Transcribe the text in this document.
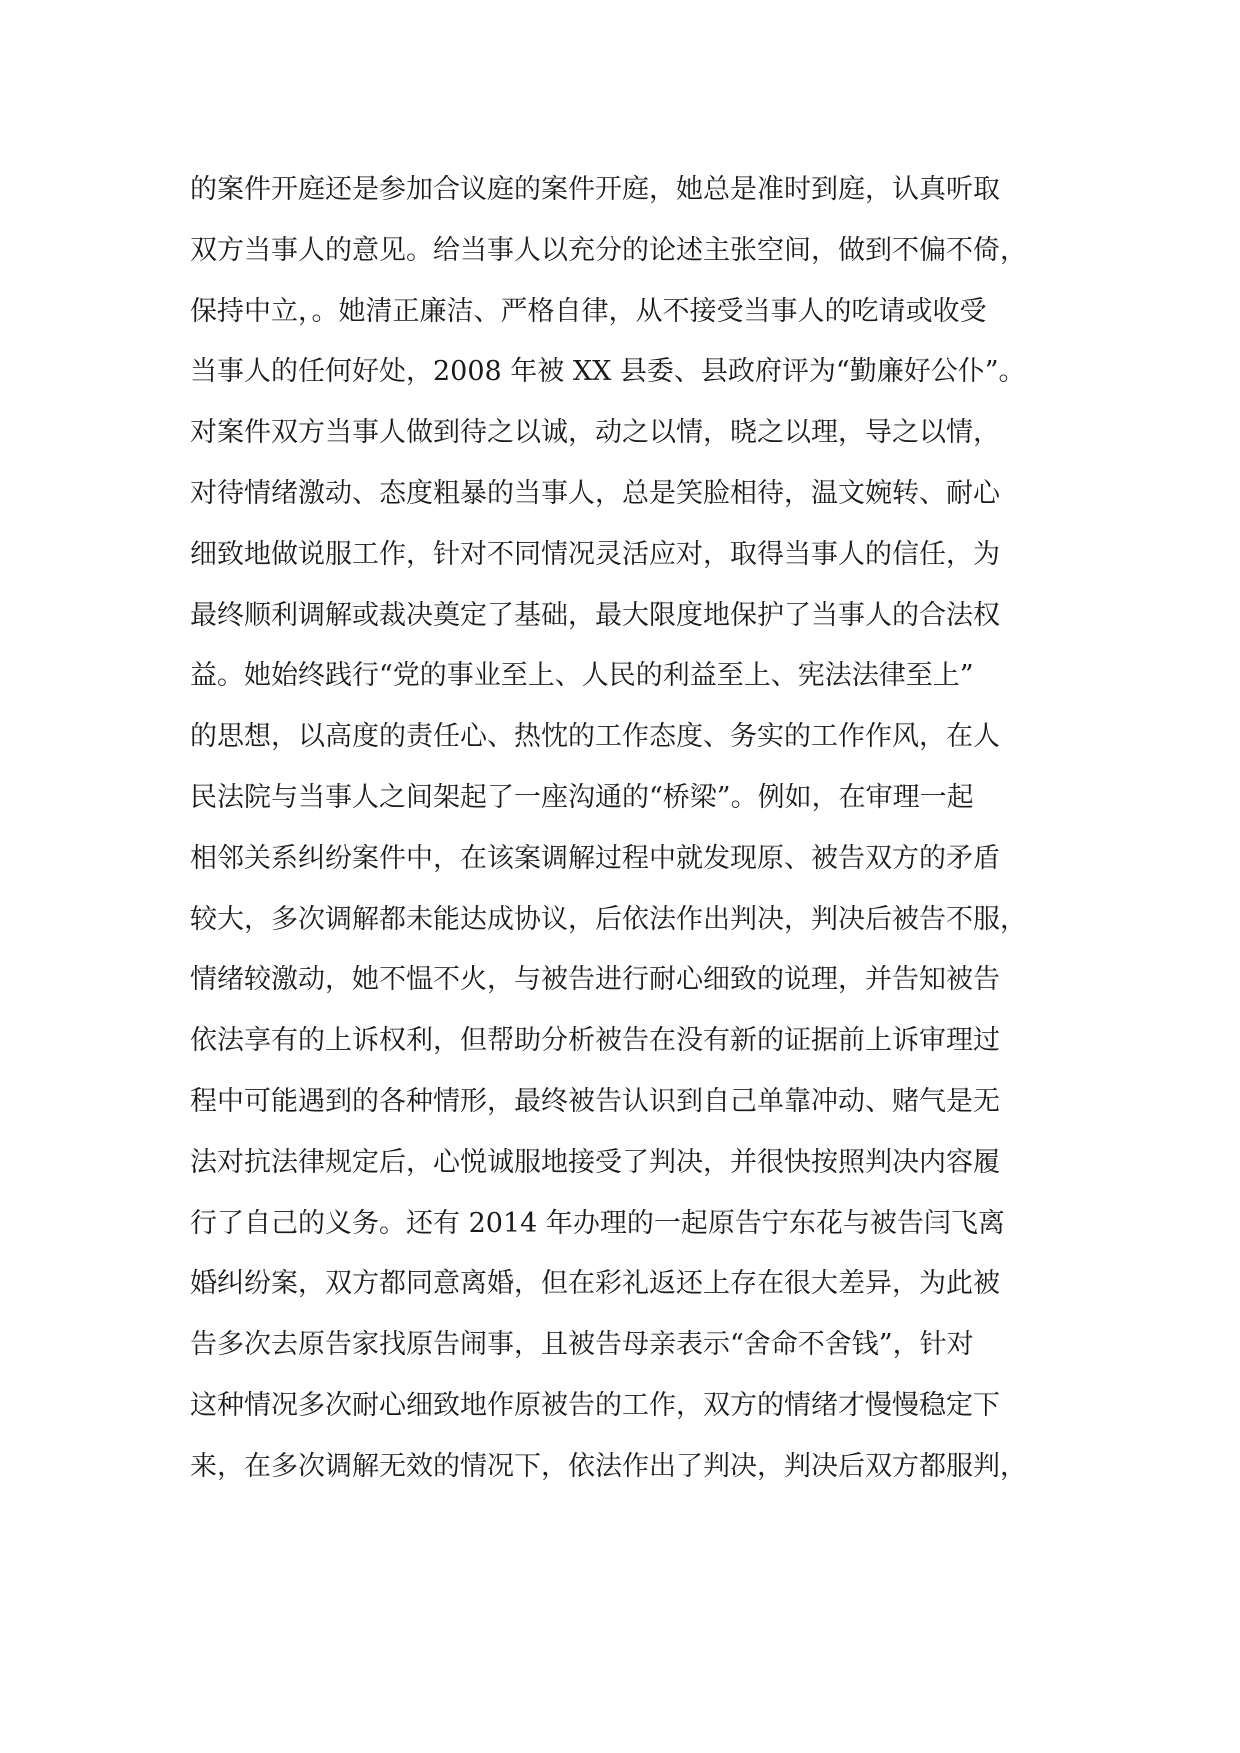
的案件开庭还是参加合议庭的案件开庭，她总是准时到庭，认真听取
双方当事人的意见。给当事人以充分的论述主张空间，做到不偏不倚，
保持中立，。她清正廉洁、严格自律，从不接受当事人的吃请或收受
当事人的任何好处，2008 年被 XX 县委、县政府评为“勤廉好公仆”。
对案件双方当事人做到待之以诚，动之以情，晓之以理，导之以情，
对待情绪激动、态度粗暴的当事人，总是笑脸相待，温文婉转、耐心
细致地做说服工作，针对不同情况灵活应对，取得当事人的信任，为
最终顺利调解或裁决奠定了基础，最大限度地保护了当事人的合法权
益。她始终践行“党的事业至上、人民的利益至上、宪法法律至上”
的思想，以高度的责任心、热忱的工作态度、务实的工作作风，在人
民法院与当事人之间架起了一座沟通的“桥梁”。例如，在审理一起
相邻关系纠纷案件中，在该案调解过程中就发现原、被告双方的矛盾
较大，多次调解都未能达成协议，后依法作出判决，判决后被告不服，
情绪较激动，她不愠不火，与被告进行耐心细致的说理，并告知被告
依法享有的上诉权利，但帮助分析被告在没有新的证据前上诉审理过
程中可能遇到的各种情形，最终被告认识到自己单靠冲动、赌气是无
法对抗法律规定后，心悦诚服地接受了判决，并很快按照判决内容履
行了自己的义务。还有 2014 年办理的一起原告宁东花与被告闫飞离
婚纠纷案，双方都同意离婚，但在彩礼返还上存在很大差异，为此被
告多次去原告家找原告闹事，且被告母亲表示“舍命不舍钱”，针对
这种情况多次耐心细致地作原被告的工作，双方的情绪才慢慢稳定下
来，在多次调解无效的情况下，依法作出了判决，判决后双方都服判，
